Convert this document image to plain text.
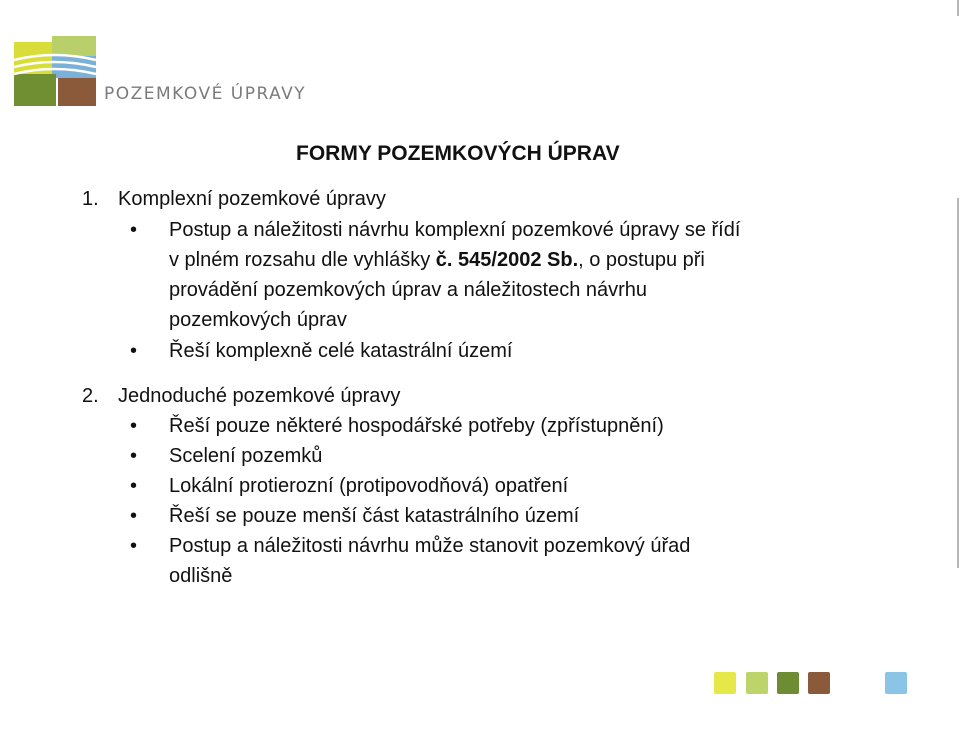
POZEMKOVÉ ÚPRAVY
FORMY POZEMKOVÝCH ÚPRAV
1. Komplexní pozemkové úpravy
• Postup a náležitosti návrhu komplexní pozemkové úpravy se řídí
v plném rozsahu dle vyhlášky č. 545/2002 Sb., o postupu při
provádění pozemkových úprav a náležitostech návrhu
pozemkových úprav
• Řeší komplexně celé katastrální území
2. Jednoduché pozemkové úpravy
• Řeší pouze některé hospodářské potřeby (zpřístupnění)
• Scelení pozemků
• Lokální protierozní (protipovodňová) opatření
• Řeší se pouze menší část katastrálního území
• Postup a náležitosti návrhu může stanovit pozemkový úřad
odlišně
